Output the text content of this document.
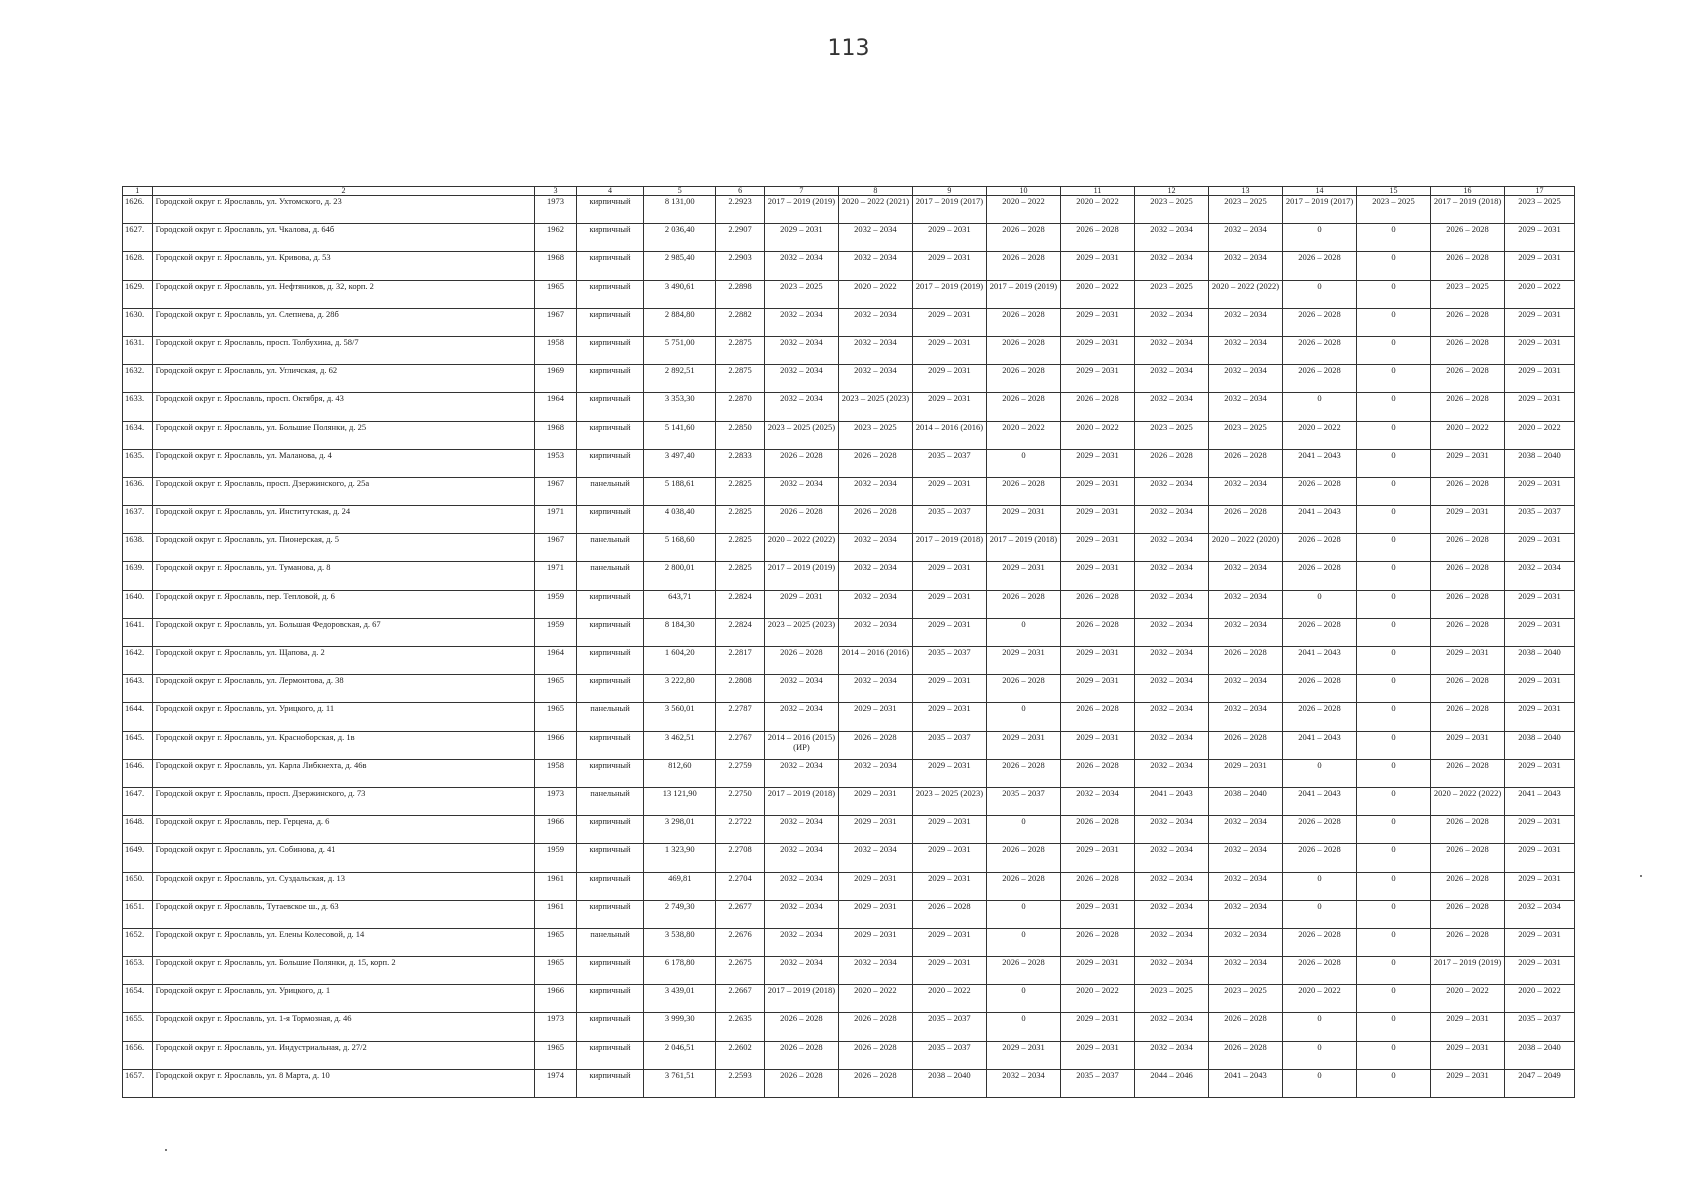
113
1	2	3	4	5	6	7	8	9	10	11	12	13	14	15	16	17
1626.	Городской округ г. Ярославль, ул. Ухтомского, д. 23	1973	кирпичный	8 131,00	2.2923	2017 – 2019 (2019)	2020 – 2022 (2021)	2017 – 2019 (2017)	2020 – 2022	2020 – 2022	2023 – 2025	2023 – 2025	2017 – 2019 (2017)	2023 – 2025	2017 – 2019 (2018)	2023 – 2025
1627.	Городской округ г. Ярославль, ул. Чкалова, д. 64б	1962	кирпичный	2 036,40	2.2907	2029 – 2031	2032 – 2034	2029 – 2031	2026 – 2028	2026 – 2028	2032 – 2034	2032 – 2034	0	0	2026 – 2028	2029 – 2031
1628.	Городской округ г. Ярославль, ул. Кривова, д. 53	1968	кирпичный	2 985,40	2.2903	2032 – 2034	2032 – 2034	2029 – 2031	2026 – 2028	2029 – 2031	2032 – 2034	2032 – 2034	2026 – 2028	0	2026 – 2028	2029 – 2031
1629.	Городской округ г. Ярославль, ул. Нефтяников, д. 32, корп. 2	1965	кирпичный	3 490,61	2.2898	2023 – 2025	2020 – 2022	2017 – 2019 (2019)	2017 – 2019 (2019)	2020 – 2022	2023 – 2025	2020 – 2022 (2022)	0	0	2023 – 2025	2020 – 2022
1630.	Городской округ г. Ярославль, ул. Слепнева, д. 28б	1967	кирпичный	2 884,80	2.2882	2032 – 2034	2032 – 2034	2029 – 2031	2026 – 2028	2029 – 2031	2032 – 2034	2032 – 2034	2026 – 2028	0	2026 – 2028	2029 – 2031
1631.	Городской округ г. Ярославль, просп. Толбухина, д. 58/7	1958	кирпичный	5 751,00	2.2875	2032 – 2034	2032 – 2034	2029 – 2031	2026 – 2028	2029 – 2031	2032 – 2034	2032 – 2034	2026 – 2028	0	2026 – 2028	2029 – 2031
1632.	Городской округ г. Ярославль, ул. Угличская, д. 62	1969	кирпичный	2 892,51	2.2875	2032 – 2034	2032 – 2034	2029 – 2031	2026 – 2028	2029 – 2031	2032 – 2034	2032 – 2034	2026 – 2028	0	2026 – 2028	2029 – 2031
1633.	Городской округ г. Ярославль, просп. Октября, д. 43	1964	кирпичный	3 353,30	2.2870	2032 – 2034	2023 – 2025 (2023)	2029 – 2031	2026 – 2028	2026 – 2028	2032 – 2034	2032 – 2034	0	0	2026 – 2028	2029 – 2031
1634.	Городской округ г. Ярославль, ул. Большие Полянки, д. 25	1968	кирпичный	5 141,60	2.2850	2023 – 2025 (2025)	2023 – 2025	2014 – 2016 (2016)	2020 – 2022	2020 – 2022	2023 – 2025	2023 – 2025	2020 – 2022	0	2020 – 2022	2020 – 2022
1635.	Городской округ г. Ярославль, ул. Маланова, д. 4	1953	кирпичный	3 497,40	2.2833	2026 – 2028	2026 – 2028	2035 – 2037	0	2029 – 2031	2026 – 2028	2026 – 2028	2041 – 2043	0	2029 – 2031	2038 – 2040
1636.	Городской округ г. Ярославль, просп. Дзержинского, д. 25а	1967	панельный	5 188,61	2.2825	2032 – 2034	2032 – 2034	2029 – 2031	2026 – 2028	2029 – 2031	2032 – 2034	2032 – 2034	2026 – 2028	0	2026 – 2028	2029 – 2031
1637.	Городской округ г. Ярославль, ул. Институтская, д. 24	1971	кирпичный	4 038,40	2.2825	2026 – 2028	2026 – 2028	2035 – 2037	2029 – 2031	2029 – 2031	2032 – 2034	2026 – 2028	2041 – 2043	0	2029 – 2031	2035 – 2037
1638.	Городской округ г. Ярославль, ул. Пионерская, д. 5	1967	панельный	5 168,60	2.2825	2020 – 2022 (2022)	2032 – 2034	2017 – 2019 (2018)	2017 – 2019 (2018)	2029 – 2031	2032 – 2034	2020 – 2022 (2020)	2026 – 2028	0	2026 – 2028	2029 – 2031
1639.	Городской округ г. Ярославль, ул. Туманова, д. 8	1971	панельный	2 800,01	2.2825	2017 – 2019 (2019)	2032 – 2034	2029 – 2031	2029 – 2031	2029 – 2031	2032 – 2034	2032 – 2034	2026 – 2028	0	2026 – 2028	2032 – 2034
1640.	Городской округ г. Ярославль, пер. Тепловой, д. 6	1959	кирпичный	643,71	2.2824	2029 – 2031	2032 – 2034	2029 – 2031	2026 – 2028	2026 – 2028	2032 – 2034	2032 – 2034	0	0	2026 – 2028	2029 – 2031
1641.	Городской округ г. Ярославль, ул. Большая Федоровская, д. 67	1959	кирпичный	8 184,30	2.2824	2023 – 2025 (2023)	2032 – 2034	2029 – 2031	0	2026 – 2028	2032 – 2034	2032 – 2034	2026 – 2028	0	2026 – 2028	2029 – 2031
1642.	Городской округ г. Ярославль, ул. Щапова, д. 2	1964	кирпичный	1 604,20	2.2817	2026 – 2028	2014 – 2016 (2016)	2035 – 2037	2029 – 2031	2029 – 2031	2032 – 2034	2026 – 2028	2041 – 2043	0	2029 – 2031	2038 – 2040
1643.	Городской округ г. Ярославль, ул. Лермонтова, д. 38	1965	кирпичный	3 222,80	2.2808	2032 – 2034	2032 – 2034	2029 – 2031	2026 – 2028	2029 – 2031	2032 – 2034	2032 – 2034	2026 – 2028	0	2026 – 2028	2029 – 2031
1644.	Городской округ г. Ярославль, ул. Урицкого, д. 11	1965	панельный	3 560,01	2.2787	2032 – 2034	2029 – 2031	2029 – 2031	0	2026 – 2028	2032 – 2034	2032 – 2034	2026 – 2028	0	2026 – 2028	2029 – 2031
1645.	Городской округ г. Ярославль, ул. Красноборская, д. 1в	1966	кирпичный	3 462,51	2.2767	2014 – 2016 (2015)(ИР)	2026 – 2028	2035 – 2037	2029 – 2031	2029 – 2031	2032 – 2034	2026 – 2028	2041 – 2043	0	2029 – 2031	2038 – 2040
1646.	Городской округ г. Ярославль, ул. Карла Либкнехта, д. 46в	1958	кирпичный	812,60	2.2759	2032 – 2034	2032 – 2034	2029 – 2031	2026 – 2028	2026 – 2028	2032 – 2034	2029 – 2031	0	0	2026 – 2028	2029 – 2031
1647.	Городской округ г. Ярославль, просп. Дзержинского, д. 73	1973	панельный	13 121,90	2.2750	2017 – 2019 (2018)	2029 – 2031	2023 – 2025 (2023)	2035 – 2037	2032 – 2034	2041 – 2043	2038 – 2040	2041 – 2043	0	2020 – 2022 (2022)	2041 – 2043
1648.	Городской округ г. Ярославль, пер. Герцена, д. 6	1966	кирпичный	3 298,01	2.2722	2032 – 2034	2029 – 2031	2029 – 2031	0	2026 – 2028	2032 – 2034	2032 – 2034	2026 – 2028	0	2026 – 2028	2029 – 2031
1649.	Городской округ г. Ярославль, ул. Собинова, д. 41	1959	кирпичный	1 323,90	2.2708	2032 – 2034	2032 – 2034	2029 – 2031	2026 – 2028	2029 – 2031	2032 – 2034	2032 – 2034	2026 – 2028	0	2026 – 2028	2029 – 2031
1650.	Городской округ г. Ярославль, ул. Суздальская, д. 13	1961	кирпичный	469,81	2.2704	2032 – 2034	2029 – 2031	2029 – 2031	2026 – 2028	2026 – 2028	2032 – 2034	2032 – 2034	0	0	2026 – 2028	2029 – 2031
1651.	Городской округ г. Ярославль, Тутаевское ш., д. 63	1961	кирпичный	2 749,30	2.2677	2032 – 2034	2029 – 2031	2026 – 2028	0	2029 – 2031	2032 – 2034	2032 – 2034	0	0	2026 – 2028	2032 – 2034
1652.	Городской округ г. Ярославль, ул. Елены Колесовой, д. 14	1965	панельный	3 538,80	2.2676	2032 – 2034	2029 – 2031	2029 – 2031	0	2026 – 2028	2032 – 2034	2032 – 2034	2026 – 2028	0	2026 – 2028	2029 – 2031
1653.	Городской округ г. Ярославль, ул. Большие Полянки, д. 15, корп. 2	1965	кирпичный	6 178,80	2.2675	2032 – 2034	2032 – 2034	2029 – 2031	2026 – 2028	2029 – 2031	2032 – 2034	2032 – 2034	2026 – 2028	0	2017 – 2019 (2019)	2029 – 2031
1654.	Городской округ г. Ярославль, ул. Урицкого, д. 1	1966	кирпичный	3 439,01	2.2667	2017 – 2019 (2018)	2020 – 2022	2020 – 2022	0	2020 – 2022	2023 – 2025	2023 – 2025	2020 – 2022	0	2020 – 2022	2020 – 2022
1655.	Городской округ г. Ярославль, ул. 1-я Тормозная, д. 46	1973	кирпичный	3 999,30	2.2635	2026 – 2028	2026 – 2028	2035 – 2037	0	2029 – 2031	2032 – 2034	2026 – 2028	0	0	2029 – 2031	2035 – 2037
1656.	Городской округ г. Ярославль, ул. Индустриальная, д. 27/2	1965	кирпичный	2 046,51	2.2602	2026 – 2028	2026 – 2028	2035 – 2037	2029 – 2031	2029 – 2031	2032 – 2034	2026 – 2028	0	0	2029 – 2031	2038 – 2040
1657.	Городской округ г. Ярославль, ул. 8 Марта, д. 10	1974	кирпичный	3 761,51	2.2593	2026 – 2028	2026 – 2028	2038 – 2040	2032 – 2034	2035 – 2037	2044 – 2046	2041 – 2043	0	0	2029 – 2031	2047 – 2049
